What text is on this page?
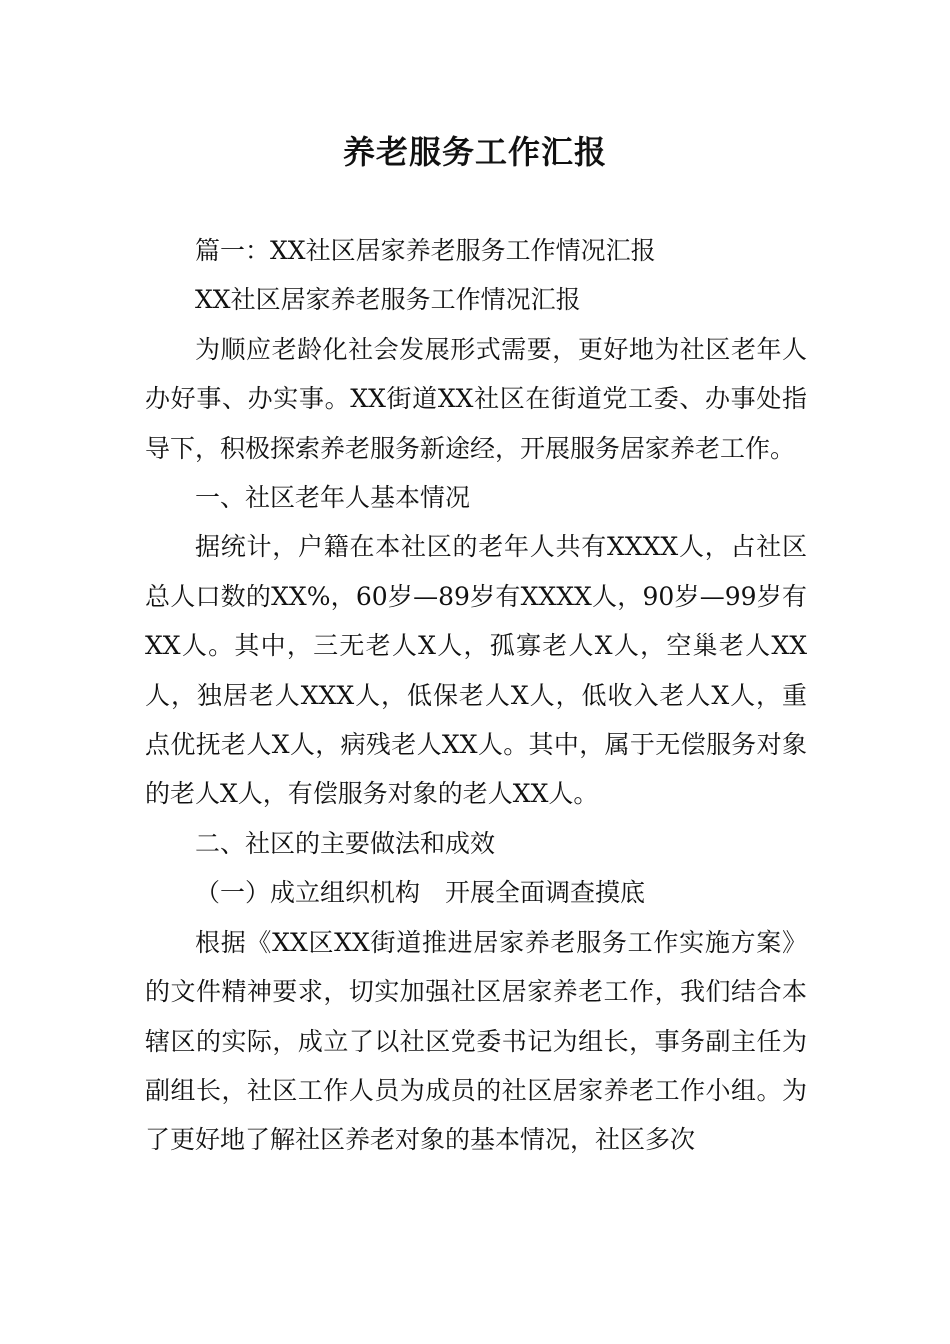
养老服务工作汇报

篇一：XX社区居家养老服务工作情况汇报

XX社区居家养老服务工作情况汇报

为顺应老龄化社会发展形式需要，更好地为社区老年人办好事、办实事。XX街道XX社区在街道党工委、办事处指导下，积极探索养老服务新途经，开展服务居家养老工作。

一、社区老年人基本情况

据统计，户籍在本社区的老年人共有XXXX人，占社区总人口数的XX%，60岁—89岁有XXXX人，90岁—99岁有XX人。其中，三无老人X人，孤寡老人X人，空巢老人XX人，独居老人XXX人，低保老人X人，低收入老人X人，重点优抚老人X人，病残老人XX人。其中，属于无偿服务对象的老人X人，有偿服务对象的老人XX人。

二、社区的主要做法和成效

（一）成立组织机构　开展全面调查摸底

根据《XX区XX街道推进居家养老服务工作实施方案》的文件精神要求，切实加强社区居家养老工作，我们结合本辖区的实际，成立了以社区党委书记为组长，事务副主任为副组长，社区工作人员为成员的社区居家养老工作小组。为了更好地了解社区养老对象的基本情况，社区多次
